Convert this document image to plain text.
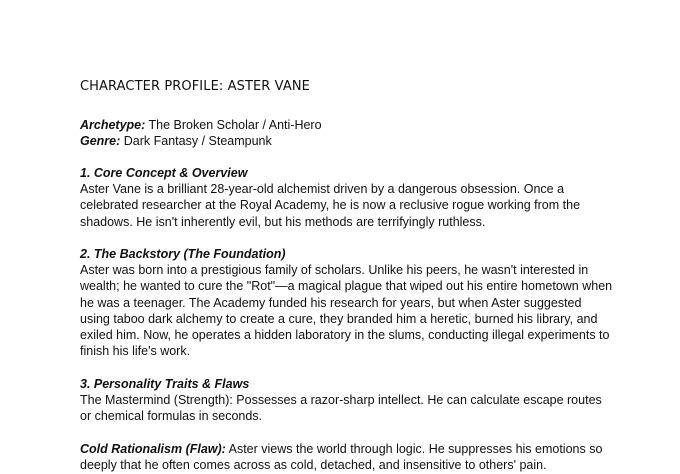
CHARACTER PROFILE: ASTER VANE
Archetype: The Broken Scholar / Anti-Hero
Genre: Dark Fantasy / Steampunk
1. Core Concept & Overview

Aster Vane is a brilliant 28-year-old alchemist driven by a dangerous obsession. Once a
celebrated researcher at the Royal Academy, he is now a reclusive rogue working from the
shadows. He isn't inherently evil, but his methods are terrifyingly ruthless.

2. The Backstory (The Foundation)

Aster was born into a prestigious family of scholars. Unlike his peers, he wasn't interested in
wealth; he wanted to cure the "Rot"—a magical plague that wiped out his entire hometown when
he was a teenager. The Academy funded his research for years, but when Aster suggested
using taboo dark alchemy to create a cure, they branded him a heretic, burned his library, and
exiled him. Now, he operates a hidden laboratory in the slums, conducting illegal experiments to
finish his life's work.

3. Personality Traits & Flaws

The Mastermind (Strength): Possesses a razor-sharp intellect. He can calculate escape routes
or chemical formulas in seconds.

Cold Rationalism (Flaw): Aster views the world through logic. He suppresses his emotions so
deeply that he often comes across as cold, detached, and insensitive to others' pain.
